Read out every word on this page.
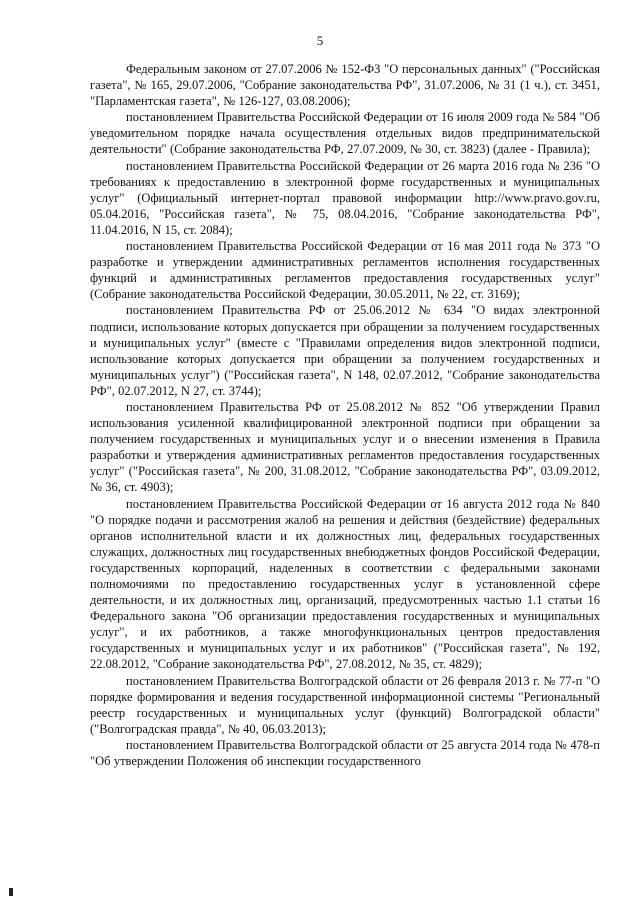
5

Федеральным законом от 27.07.2006 № 152-ФЗ "О персональных данных" ("Российская газета", № 165, 29.07.2006, "Собрание законодательства РФ", 31.07.2006, № 31 (1 ч.), ст. 3451, "Парламентская газета", № 126-127, 03.08.2006);

постановлением Правительства Российской Федерации от 16 июля 2009 года № 584 "Об уведомительном порядке начала осуществления отдельных видов предпринимательской деятельности" (Собрание законодательства РФ, 27.07.2009, № 30, ст. 3823) (далее - Правила);

постановлением Правительства Российской Федерации от 26 марта 2016 года № 236 "О требованиях к предоставлению в электронной форме государственных и муниципальных услуг" (Официальный интернет-портал правовой информации http://www.pravo.gov.ru, 05.04.2016, "Российская газета", № 75, 08.04.2016, "Собрание законодательства РФ", 11.04.2016, N 15, ст. 2084);

постановлением Правительства Российской Федерации от 16 мая 2011 года № 373 "О разработке и утверждении административных регламентов исполнения государственных функций и административных регламентов предоставления государственных услуг" (Собрание законодательства Российской Федерации, 30.05.2011, № 22, ст. 3169);

постановлением Правительства РФ от 25.06.2012 № 634 "О видах электронной подписи, использование которых допускается при обращении за получением государственных и муниципальных услуг" (вместе с "Правилами определения видов электронной подписи, использование которых допускается при обращении за получением государственных и муниципальных услуг") ("Российская газета", N 148, 02.07.2012, "Собрание законодательства РФ", 02.07.2012, N 27, ст. 3744);

постановлением Правительства РФ от 25.08.2012 № 852 "Об утверждении Правил использования усиленной квалифицированной электронной подписи при обращении за получением государственных и муниципальных услуг и о внесении изменения в Правила разработки и утверждения административных регламентов предоставления государственных услуг" ("Российская газета", № 200, 31.08.2012, "Собрание законодательства РФ", 03.09.2012, № 36, ст. 4903);

постановлением Правительства Российской Федерации от 16 августа 2012 года № 840 "О порядке подачи и рассмотрения жалоб на решения и действия (бездействие) федеральных органов исполнительной власти и их должностных лиц, федеральных государственных служащих, должностных лиц государственных внебюджетных фондов Российской Федерации, государственных корпораций, наделенных в соответствии с федеральными законами полномочиями по предоставлению государственных услуг в установленной сфере деятельности, и их должностных лиц, организаций, предусмотренных частью 1.1 статьи 16 Федерального закона "Об организации предоставления государственных и муниципальных услуг", и их работников, а также многофункциональных центров предоставления государственных и муниципальных услуг и их работников" ("Российская газета", № 192, 22.08.2012, "Собрание законодательства РФ", 27.08.2012, № 35, ст. 4829);

постановлением Правительства Волгоградской области от 26 февраля 2013 г. № 77-п "О порядке формирования и ведения государственной информационной системы "Региональный реестр государственных и муниципальных услуг (функций) Волгоградской области" ("Волгоградская правда", № 40, 06.03.2013);

постановлением Правительства Волгоградской области от 25 августа 2014 года № 478-п "Об утверждении Положения об инспекции государственного
